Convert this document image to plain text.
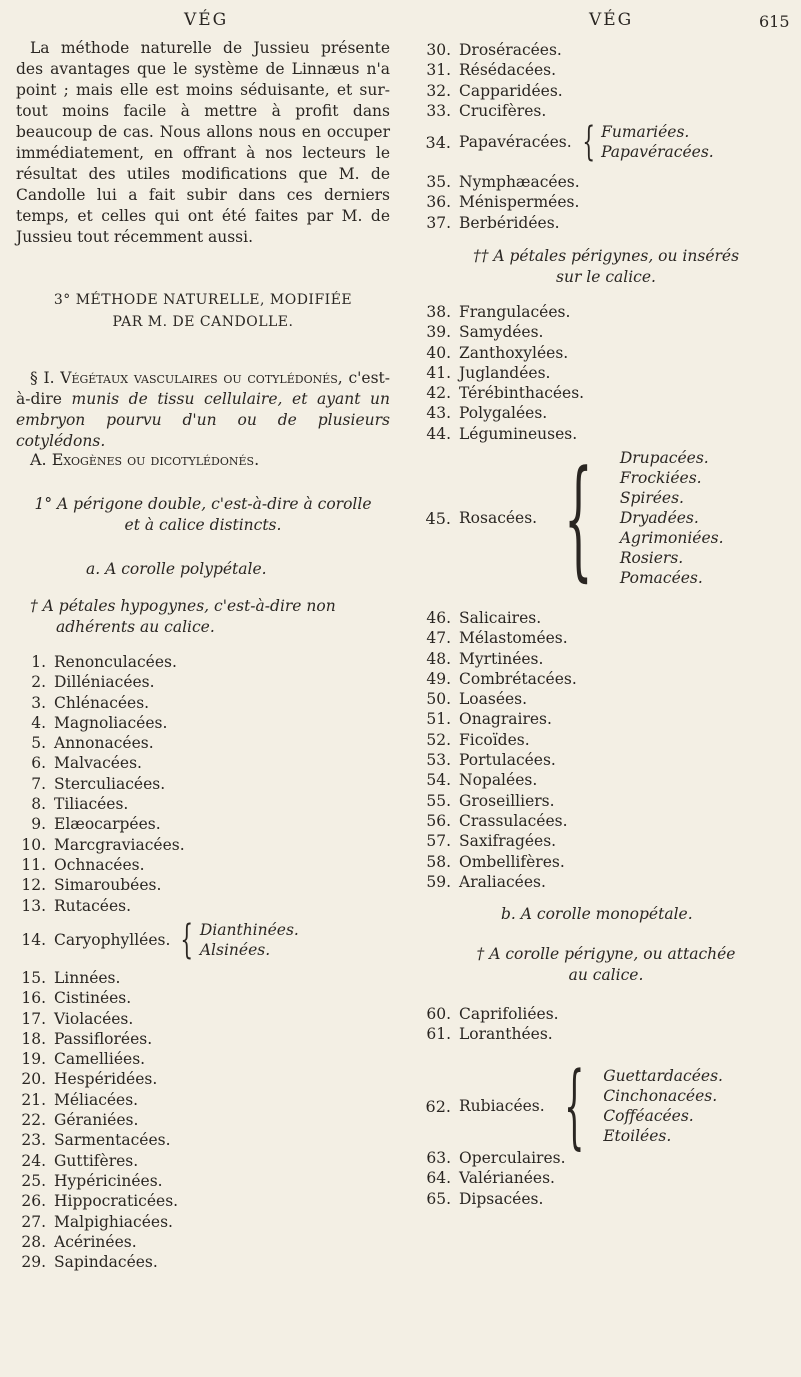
VÉG
La méthode naturelle de Jussieu présente des avantages que le système de Linnæus n'a point ; mais elle est moins séduisante, et sur-tout moins facile à mettre à profit dans beaucoup de cas. Nous allons nous en occuper immédiatement, en offrant à nos lecteurs le résultat des utiles modifications que M. de Candolle lui a fait subir dans ces derniers temps, et celles qui ont été faites par M. de Jussieu tout récemment aussi.
3° MÉTHODE NATURELLE, MODIFIÉE
PAR M. DE CANDOLLE.
§ I. Végétaux vasculaires ou cotylédonés, c'est-à-dire munis de tissu cellulaire, et ayant un embryon pourvu d'un ou de plusieurs cotylédons.
A. Exogènes ou dicotylédonés.
1° A périgone double, c'est-à-dire à corolle
et à calice distincts.
a. A corolle polypétale.
† A pétales hypogynes, c'est-à-dire non
adhérents au calice.
1. Renonculacées.
2. Dilléniacées.
3. Chlénacées.
4. Magnoliacées.
5. Annonacées.
6. Malvacées.
7. Sterculiacées.
8. Tiliacées.
9. Elæocarpées.
10. Marcgraviacées.
11. Ochnacées.
12. Simaroubées.
13. Rutacées.
14. Caryophyllées. { Dianthinées.
Alsinées.
15. Linnées.
16. Cistinées.
17. Violacées.
18. Passiflorées.
19. Camelliées.
20. Hespéridées.
21. Méliacées.
22. Géraniées.
23. Sarmentacées.
24. Guttifères.
25. Hypéricinées.
26. Hippocraticées.
27. Malpighiacées.
28. Acérinées.
29. Sapindacées.
VÉG	615
30. Droséracées.
31. Résédacées.
32. Capparidées.
33. Crucifères.
34. Papavéracées. { Fumariées.
Papavéracées.
35. Nymphæacées.
36. Ménispermées.
37. Berbéridées.
†† A pétales périgynes, ou insérés
sur le calice.
38. Frangulacées.
39. Samydées.
40. Zanthoxylées.
41. Juglandées.
42. Térébinthacées.
43. Polygalées.
44. Légumineuses.
45. Rosacées. { Drupacées.
Frockiées.
Spirées.
Dryadées.
Agrimoniées.
Rosiers.
Pomacées.
46. Salicaires.
47. Mélastomées.
48. Myrtinées.
49. Combrétacées.
50. Loasées.
51. Onagraires.
52. Ficoïdes.
53. Portulacées.
54. Nopalées.
55. Groseilliers.
56. Crassulacées.
57. Saxifragées.
58. Ombellifères.
59. Araliacées.
b. A corolle monopétale.
† A corolle périgyne, ou attachée
au calice.
60. Caprifoliées.
61. Loranthées.
62. Rubiacées. { Guettardacées.
Cinchonacées.
Cofféacées.
Etoilées.
63. Operculaires.
64. Valérianées.
65. Dipsacées.
